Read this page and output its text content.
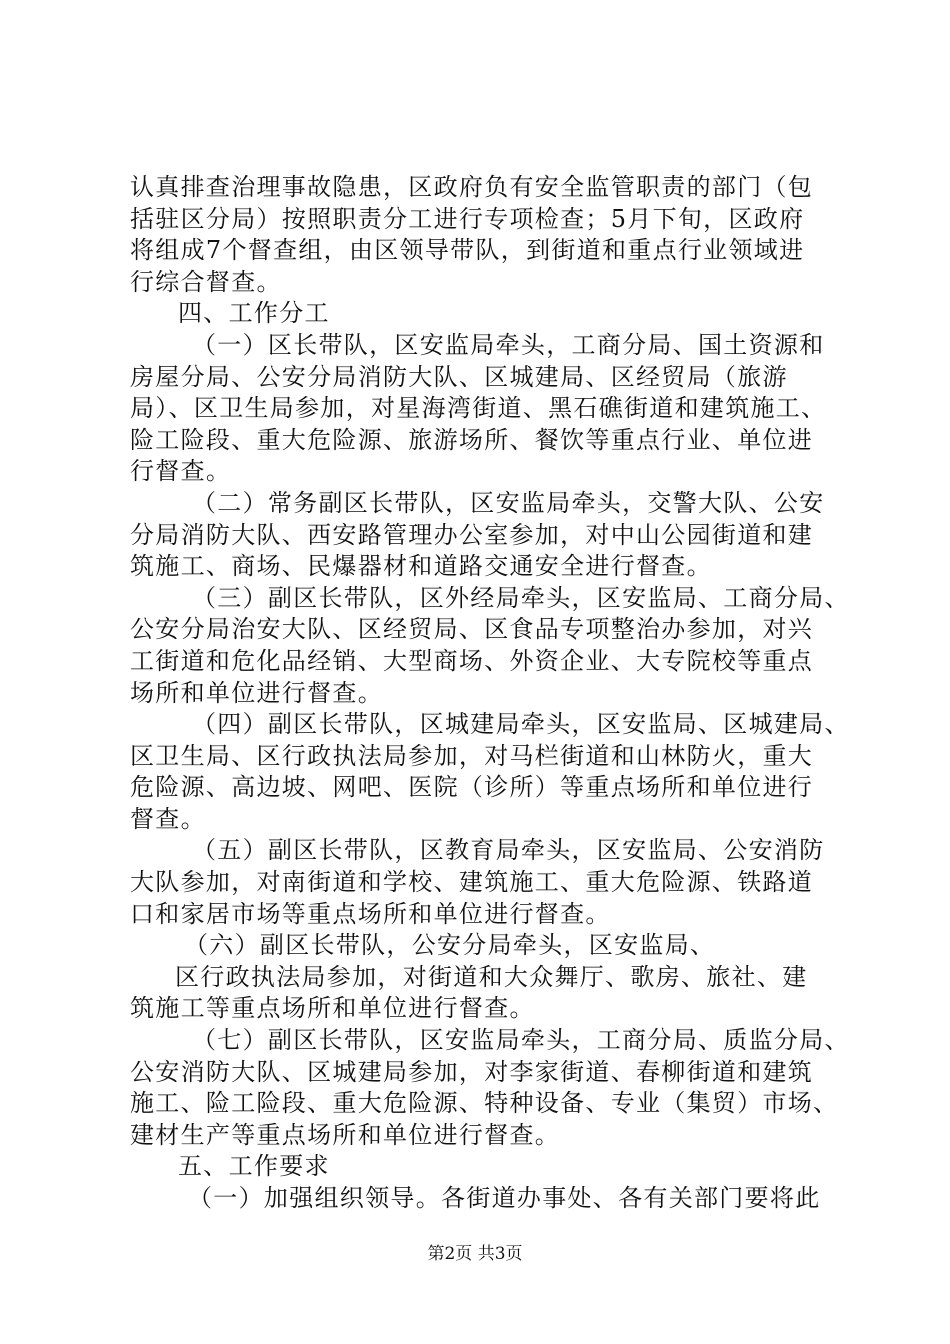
认真排查治理事故隐患，区政府负有安全监管职责的部门（包
括驻区分局）按照职责分工进行专项检查；5月下旬，区政府
将组成7个督查组，由区领导带队，到街道和重点行业领域进
行综合督查。
四、工作分工
（一）区长带队，区安监局牵头，工商分局、国土资源和
房屋分局、公安分局消防大队、区城建局、区经贸局（旅游
局）、区卫生局参加，对星海湾街道、黑石礁街道和建筑施工、
险工险段、重大危险源、旅游场所、餐饮等重点行业、单位进
行督查。
（二）常务副区长带队，区安监局牵头，交警大队、公安
分局消防大队、西安路管理办公室参加，对中山公园街道和建
筑施工、商场、民爆器材和道路交通安全进行督查。
（三）副区长带队，区外经局牵头，区安监局、工商分局、
公安分局治安大队、区经贸局、区食品专项整治办参加，对兴
工街道和危化品经销、大型商场、外资企业、大专院校等重点
场所和单位进行督查。
（四）副区长带队，区城建局牵头，区安监局、区城建局、
区卫生局、区行政执法局参加，对马栏街道和山林防火，重大
危险源、高边坡、网吧、医院（诊所）等重点场所和单位进行
督查。
（五）副区长带队，区教育局牵头，区安监局、公安消防
大队参加，对南街道和学校、建筑施工、重大危险源、铁路道
口和家居市场等重点场所和单位进行督查。
（六）副区长带队，公安分局牵头，区安监局、
区行政执法局参加，对街道和大众舞厅、歌房、旅社、建
筑施工等重点场所和单位进行督查。
（七）副区长带队，区安监局牵头，工商分局、质监分局、
公安消防大队、区城建局参加，对李家街道、春柳街道和建筑
施工、险工险段、重大危险源、特种设备、专业（集贸）市场、
建材生产等重点场所和单位进行督查。
五、工作要求
（一）加强组织领导。各街道办事处、各有关部门要将此
第2页 共3页
